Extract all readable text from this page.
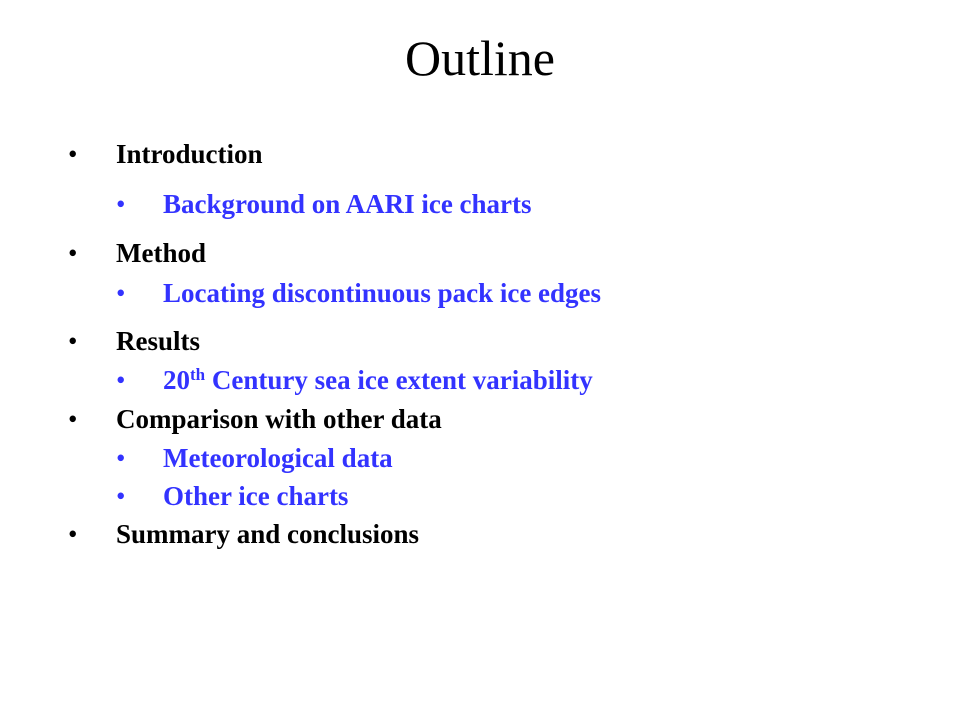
Outline
• Introduction
• Background on AARI ice charts
• Method
• Locating discontinuous pack ice edges
• Results
• 20th Century sea ice extent variability
• Comparison with other data
• Meteorological data
• Other ice charts
• Summary and conclusions
